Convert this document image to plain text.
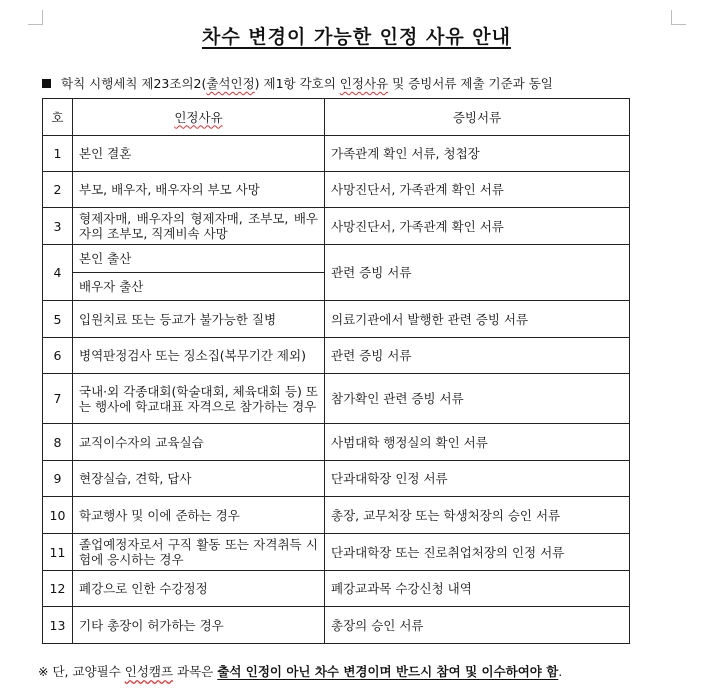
차수 변경이 가능한 인정 사유 안내
학칙 시행세칙 제23조의2(출석인정) 제1항 각호의 인정사유 및 증빙서류 제출 기준과 동일
호	인정사유	증빙서류
1	본인 결혼	가족관계 확인 서류, 청첩장
2	부모, 배우자, 배우자의 부모 사망	사망진단서, 가족관계 확인 서류
3	형제자매, 배우자의 형제자매, 조부모, 배우자의 조부모, 직계비속 사망	사망진단서, 가족관계 확인 서류
4	본인 출산	관련 증빙 서류
	배우자 출산	
5	입원치료 또는 등교가 불가능한 질병	의료기관에서 발행한 관련 증빙 서류
6	병역판정검사 또는 징소집(복무기간 제외)	관련 증빙 서류
7	국내·외 각종대회(학술대회, 체육대회 등) 또는 행사에 학교대표 자격으로 참가하는 경우	참가확인 관련 증빙 서류
8	교직이수자의 교육실습	사범대학 행정실의 확인 서류
9	현장실습, 견학, 답사	단과대학장 인정 서류
10	학교행사 및 이에 준하는 경우	총장, 교무처장 또는 학생처장의 승인 서류
11	졸업예정자로서 구직 활동 또는 자격취득 시험에 응시하는 경우	단과대학장 또는 진로취업처장의 인정 서류
12	폐강으로 인한 수강정정	폐강교과목 수강신청 내역
13	기타 총장이 허가하는 경우	총장의 승인 서류
※ 단, 교양필수 인성캠프 과목은 출석 인정이 아닌 차수 변경이며 반드시 참여 및 이수하여야 함.
